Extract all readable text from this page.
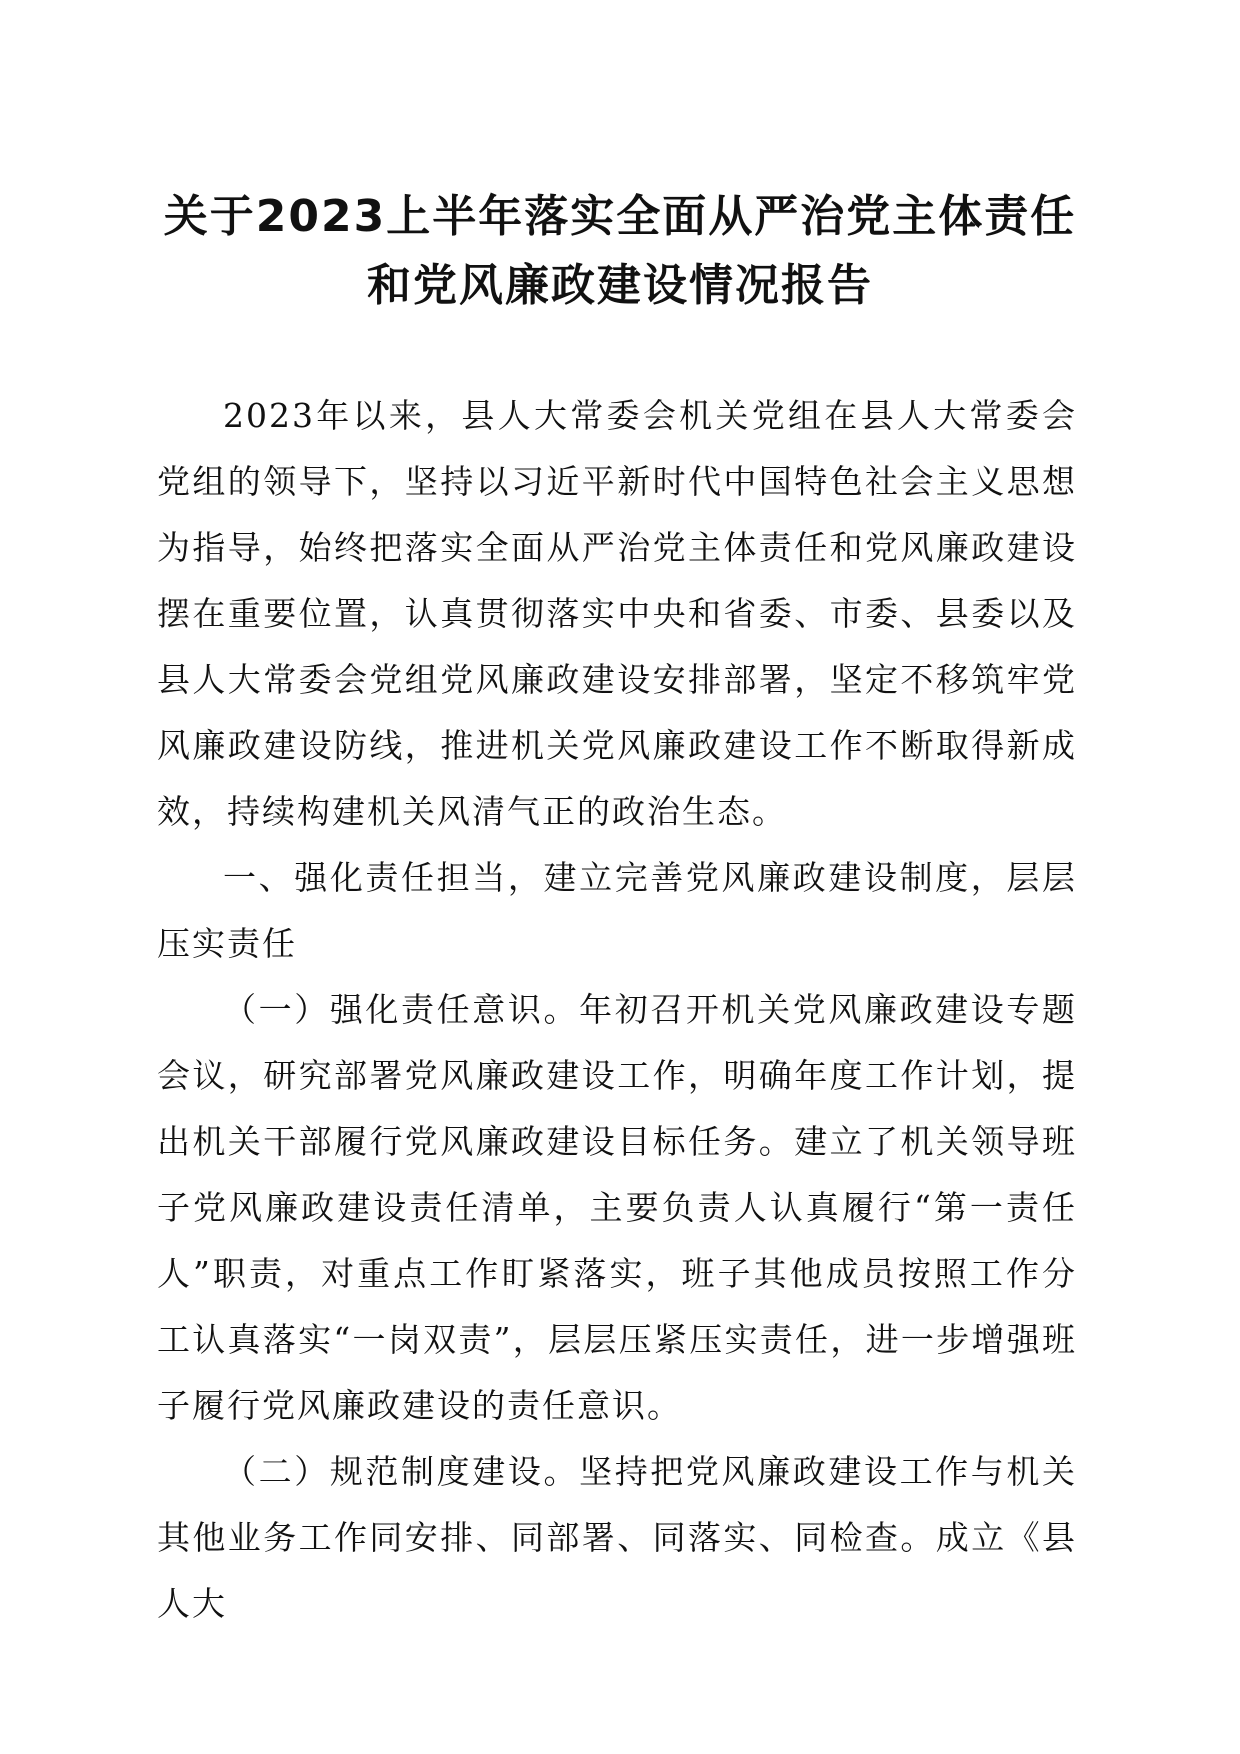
关于2023上半年落实全面从严治党主体责任
和党风廉政建设情况报告

2023年以来，县人大常委会机关党组在县人大常委会党组的领导下，坚持以习近平新时代中国特色社会主义思想为指导，始终把落实全面从严治党主体责任和党风廉政建设摆在重要位置，认真贯彻落实中央和省委、市委、县委以及县人大常委会党组党风廉政建设安排部署，坚定不移筑牢党风廉政建设防线，推进机关党风廉政建设工作不断取得新成效，持续构建机关风清气正的政治生态。

一、强化责任担当，建立完善党风廉政建设制度，层层压实责任

（一）强化责任意识。年初召开机关党风廉政建设专题会议，研究部署党风廉政建设工作，明确年度工作计划，提出机关干部履行党风廉政建设目标任务。建立了机关领导班子党风廉政建设责任清单，主要负责人认真履行“第一责任人”职责，对重点工作盯紧落实，班子其他成员按照工作分工认真落实“一岗双责”，层层压紧压实责任，进一步增强班子履行党风廉政建设的责任意识。

（二）规范制度建设。坚持把党风廉政建设工作与机关其他业务工作同安排、同部署、同落实、同检查。成立《县人大
